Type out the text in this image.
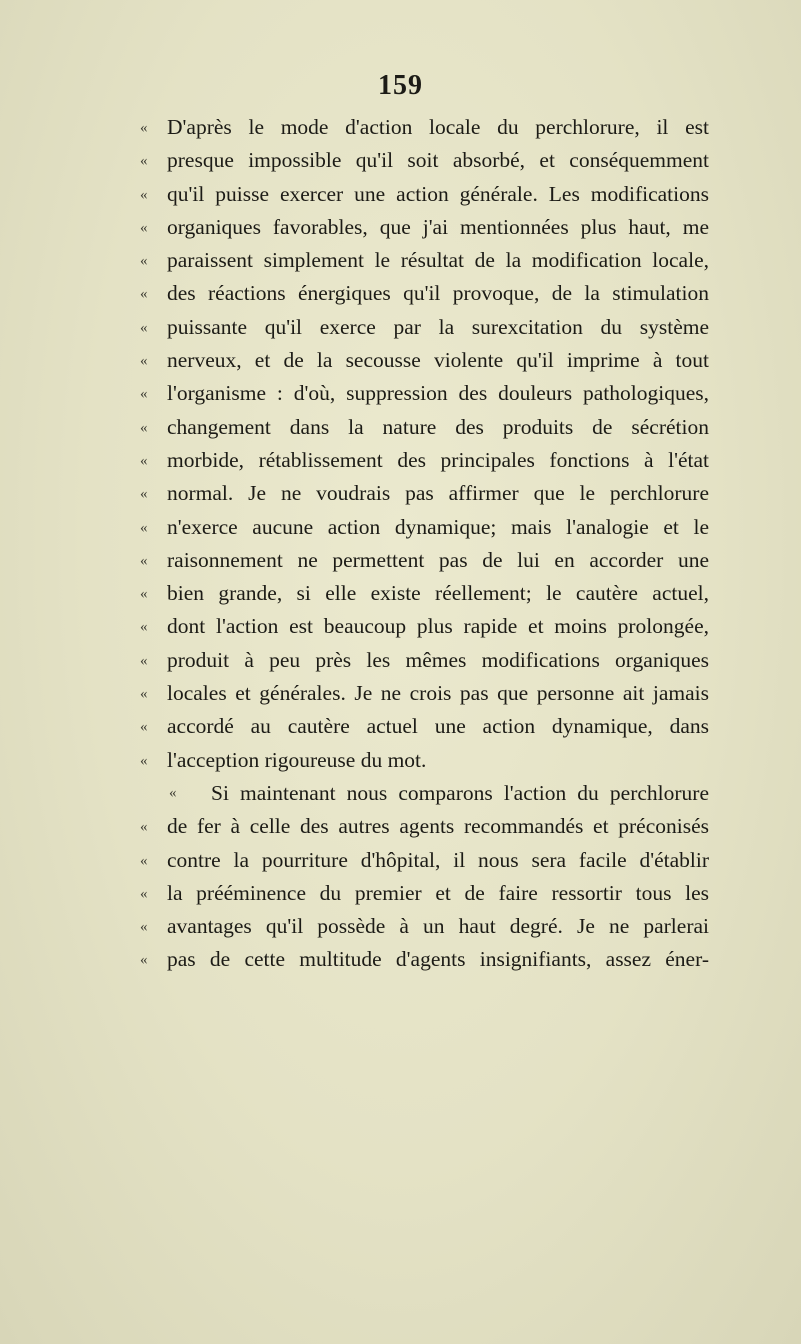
159
« D'après le mode d'action locale du perchlorure, il est
« presque impossible qu'il soit absorbé, et conséquemment
« qu'il puisse exercer une action générale. Les modifications
« organiques favorables, que j'ai mentionnées plus haut, me
« paraissent simplement le résultat de la modification locale,
« des réactions énergiques qu'il provoque, de la stimulation
« puissante qu'il exerce par la surexcitation du système
« nerveux, et de la secousse violente qu'il imprime à tout
« l'organisme : d'où, suppression des douleurs pathologiques,
« changement dans la nature des produits de sécrétion
« morbide, rétablissement des principales fonctions à l'état
« normal. Je ne voudrais pas affirmer que le perchlorure
« n'exerce aucune action dynamique; mais l'analogie et le
« raisonnement ne permettent pas de lui en accorder une
« bien grande, si elle existe réellement; le cautère actuel,
« dont l'action est beaucoup plus rapide et moins prolongée,
« produit à peu près les mêmes modifications organiques
« locales et générales. Je ne crois pas que personne ait jamais
« accordé au cautère actuel une action dynamique, dans
« l'acception rigoureuse du mot.
« Si maintenant nous comparons l'action du perchlorure
« de fer à celle des autres agents recommandés et préconisés
« contre la pourriture d'hôpital, il nous sera facile d'établir
« la prééminence du premier et de faire ressortir tous les
« avantages qu'il possède à un haut degré. Je ne parlerai
« pas de cette multitude d'agents insignifiants, assez éner-
